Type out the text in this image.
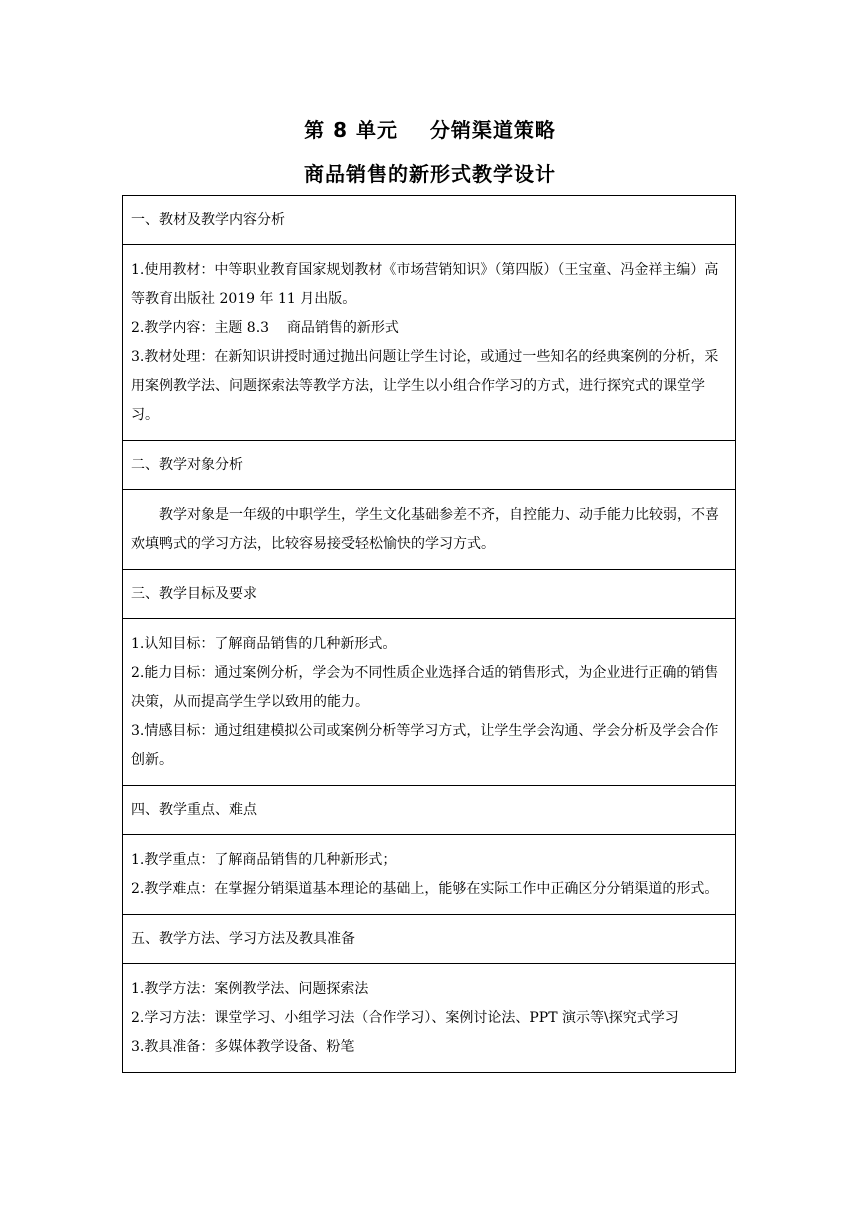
第 8 单元    分销渠道策略
商品销售的新形式教学设计
一、教材及教学内容分析

1.使用教材：中等职业教育国家规划教材《市场营销知识》（第四版）（王宝童、冯金祥主编）高等教育出版社 2019 年 11 月出版。

2.教学内容：主题 8.3    商品销售的新形式

3.教材处理：在新知识讲授时通过抛出问题让学生讨论，或通过一些知名的经典案例的分析，采用案例教学法、问题探索法等教学方法，让学生以小组合作学习的方式，进行探究式的课堂学习。

二、教学对象分析

教学对象是一年级的中职学生，学生文化基础参差不齐，自控能力、动手能力比较弱，不喜欢填鸭式的学习方法，比较容易接受轻松愉快的学习方式。

三、教学目标及要求

1.认知目标：了解商品销售的几种新形式。

2.能力目标：通过案例分析，学会为不同性质企业选择合适的销售形式，为企业进行正确的销售决策，从而提高学生学以致用的能力。

3.情感目标：通过组建模拟公司或案例分析等学习方式，让学生学会沟通、学会分析及学会合作创新。

四、教学重点、难点

1.教学重点：了解商品销售的几种新形式；

2.教学难点：在掌握分销渠道基本理论的基础上，能够在实际工作中正确区分分销渠道的形式。

五、教学方法、学习方法及教具准备

1.教学方法：案例教学法、问题探索法

2.学习方法：课堂学习、小组学习法（合作学习）、案例讨论法、PPT 演示等\探究式学习

3.教具准备：多媒体教学设备、粉笔
